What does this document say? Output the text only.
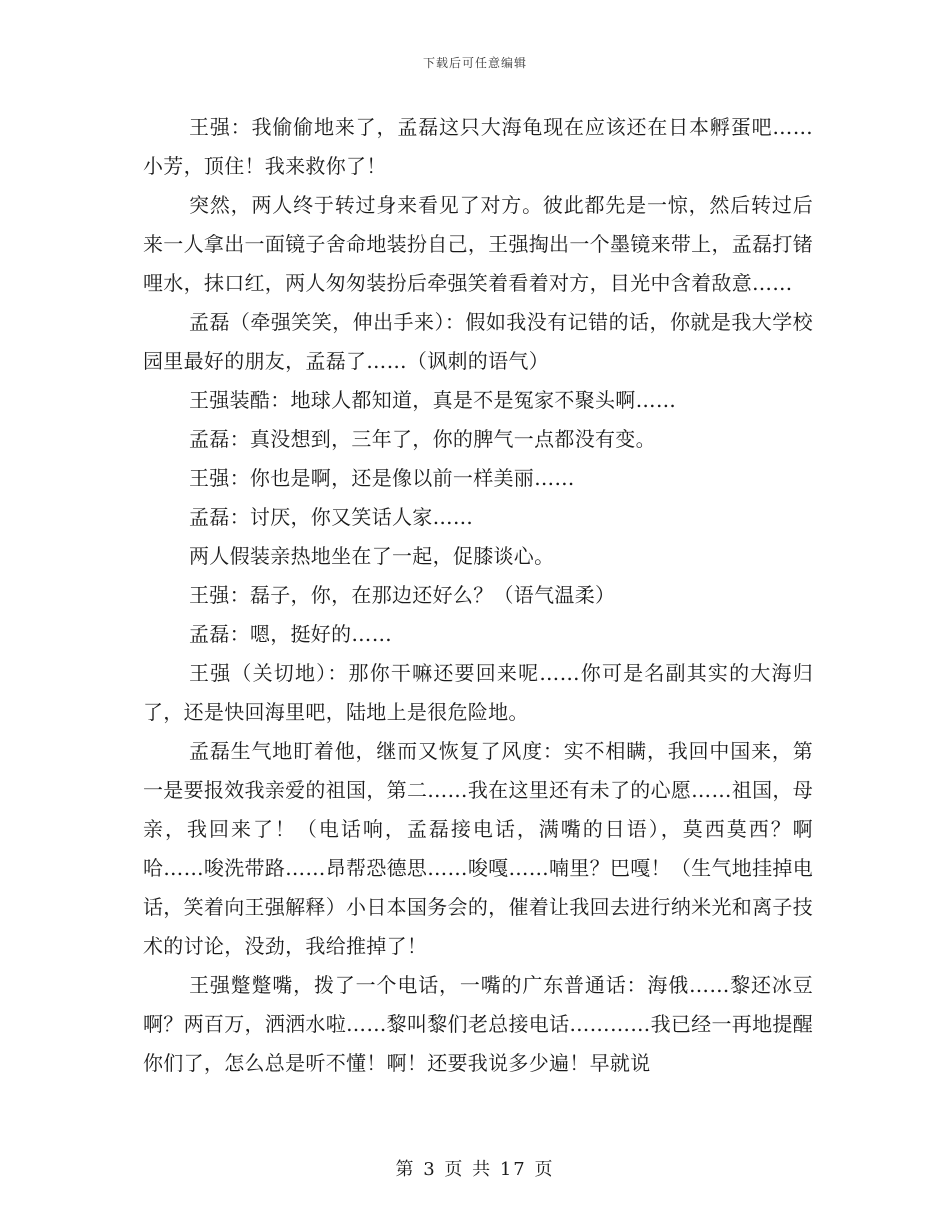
下载后可任意编辑

王强：我偷偷地来了，孟磊这只大海龟现在应该还在日本孵蛋吧……小芳，顶住！我来救你了！

突然，两人终于转过身来看见了对方。彼此都先是一惊，然后转过后来一人拿出一面镜子舍命地装扮自己，王强掏出一个墨镜来带上，孟磊打锗哩水，抹口红，两人匆匆装扮后牵强笑着看着对方，目光中含着敌意……

孟磊（牵强笑笑，伸出手来）：假如我没有记错的话，你就是我大学校园里最好的朋友，孟磊了……（讽刺的语气）

王强装酷：地球人都知道，真是不是冤家不聚头啊……

孟磊：真没想到，三年了，你的脾气一点都没有变。

王强：你也是啊，还是像以前一样美丽……

孟磊：讨厌，你又笑话人家……

两人假装亲热地坐在了一起，促膝谈心。

王强：磊子，你，在那边还好么？（语气温柔）

孟磊：嗯，挺好的……

王强（关切地）：那你干嘛还要回来呢……你可是名副其实的大海归了，还是快回海里吧，陆地上是很危险地。

孟磊生气地盯着他，继而又恢复了风度：实不相瞒，我回中国来，第一是要报效我亲爱的祖国，第二……我在这里还有未了的心愿……祖国，母亲，我回来了！（电话响，孟磊接电话，满嘴的日语），莫西莫西？啊哈……唆洗带路……昂帮恐德思……唆嘎……喃里？巴嘎！（生气地挂掉电话，笑着向王强解释）小日本国务会的，催着让我回去进行纳米光和离子技术的讨论，没劲，我给推掉了！

王强蹩蹩嘴，拨了一个电话，一嘴的广东普通话：海俄……黎还冰豆啊？两百万，洒洒水啦……黎叫黎们老总接电话…………我已经一再地提醒你们了，怎么总是听不懂！啊！还要我说多少遍！早就说

第 3 页 共 17 页
